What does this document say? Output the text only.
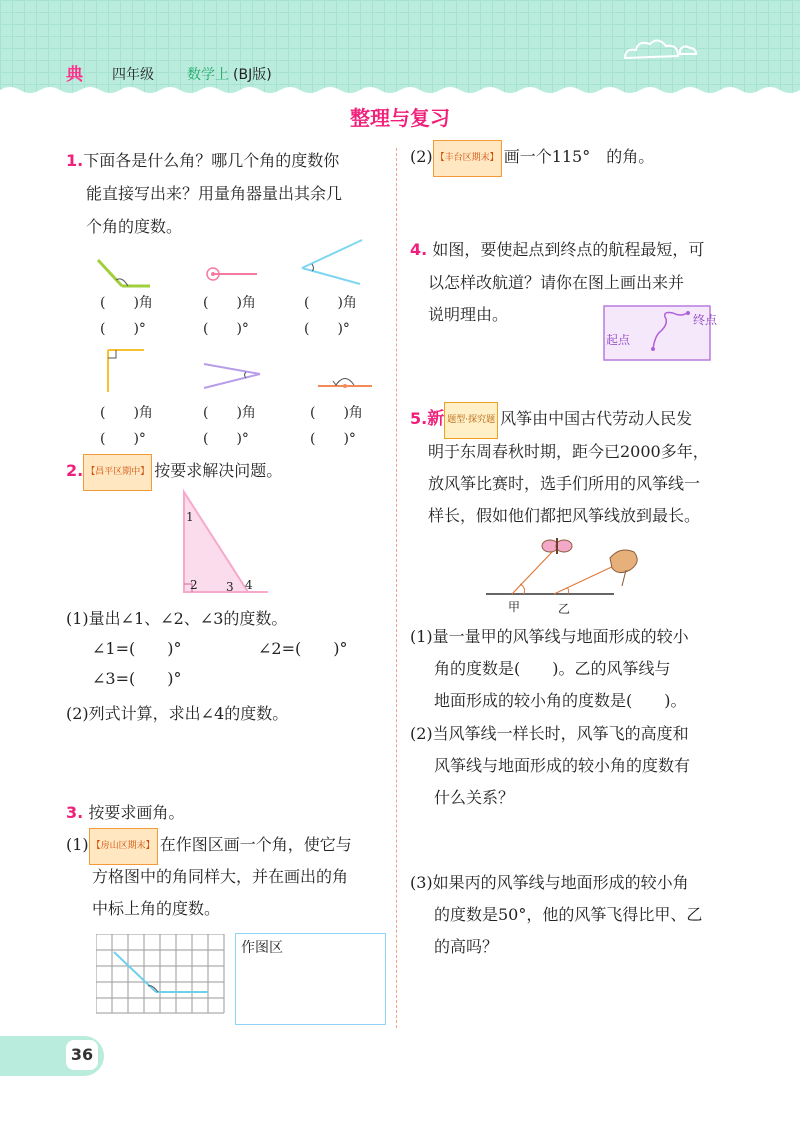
典 四年级 数学上 (BJ版)
整理与复习
1.下面各是什么角？哪几个角的度数你
能直接写出来？用量角器量出其余几
个角的度数。
(　　)角	(　　)角	(　　)角
(　　)°	(　　)°	(　　)°
(　　)角	(　　)角	(　　)角
(　　)°	(　　)°	(　　)°
2. 【昌平区期中】 按要求解决问题。
1
2 3 4
(1)量出∠1、∠2、∠3的度数。
∠1=(　　)°	∠2=(　　)°
∠3=(　　)°
(2)列式计算，求出∠4的度数。
3. 按要求画角。
(1) 【房山区期末】 在作图区画一个角，使它与
方格图中的角同样大，并在画出的角
中标上角的度数。
作图区
(2) 【丰台区期末】 画一个115°　的角。
4. 如图，要使起点到终点的航程最短，可
以怎样改航道？请你在图上画出来并
说明理由。
起点
终点
5.新 题型·探究题 风筝由中国古代劳动人民发
明于东周春秋时期，距今已2000多年，
放风筝比赛时，选手们所用的风筝线一
样长，假如他们都把风筝线放到最长。
甲	乙
(1)量一量甲的风筝线与地面形成的较小
角的度数是(　　)。乙的风筝线与
地面形成的较小角的度数是(　　)。
(2)当风筝线一样长时，风筝飞的高度和
风筝线与地面形成的较小角的度数有
什么关系？
(3)如果丙的风筝线与地面形成的较小角
的度数是50°，他的风筝飞得比甲、乙
的高吗？
36
